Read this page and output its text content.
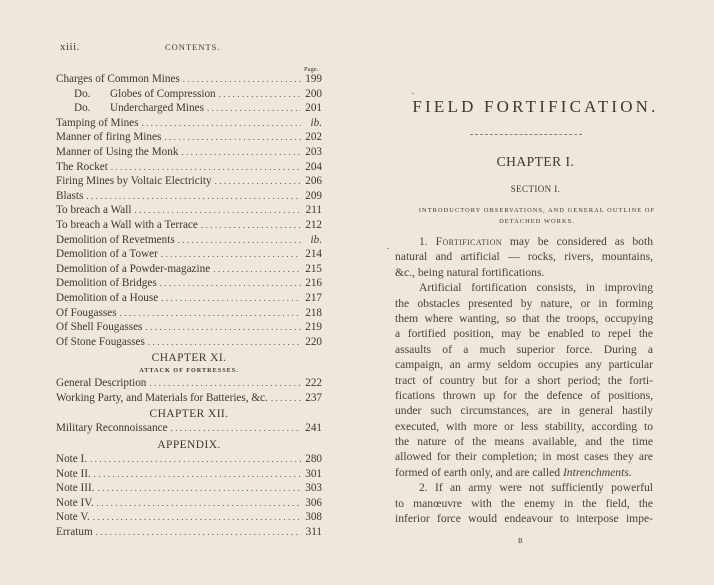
xiii.	CONTENTS.
Page.
Charges of Common Mines .....	199
Do. Globes of Compression .....	200
Do. Undercharged Mines .....	201
Tamping of Mines .....	ib.
Manner of firing Mines .....	202
Manner of Using the Monk .....	203
The Rocket .....	204
Firing Mines by Voltaic Electricity .....	206
Blasts .....	209
To breach a Wall .....	211
To breach a Wall with a Terrace .....	212
Demolition of Revetments .....	ib.
Demolition of a Tower .....	214
Demolition of a Powder-magazine .....	215
Demolition of Bridges .....	216
Demolition of a House .....	217
Of Fougasses .....	218
Of Shell Fougasses .....	219
Of Stone Fougasses .....	220
CHAPTER XI.
ATTACK OF FORTRESSES.
General Description .....	222
Working Party, and Materials for Batteries, &c. .....	237
CHAPTER XII.
Military Reconnoissance .....	241
APPENDIX.
Note I. .....	280
Note II. .....	301
Note III. .....	303
Note IV. .....	306
Note V. .....	308
Erratum .....	311
FIELD FORTIFICATION.
CHAPTER I.
SECTION I.
INTRODUCTORY OBSERVATIONS, AND GENERAL OUTLINE OF
DETACHED WORKS.
1. Fortification may be considered as both
natural and artificial — rocks, rivers, mountains,
&c., being natural fortifications.
Artificial fortification consists, in improving
the obstacles presented by nature, or in forming
them where wanting, so that the troops, occupying
a fortified position, may be enabled to repel the
assaults of a much superior force. During a
campaign, an army seldom occupies any particular
tract of country but for a short period; the forti-
fications thrown up for the defence of positions,
under such circumstances, are in general hastily
executed, with more or less stability, according to
the nature of the means available, and the time
allowed for their completion; in most cases they are
formed of earth only, and are called Intrenchments.
2. If an army were not sufficiently powerful
to manœuvre with the enemy in the field, the
inferior force would endeavour to interpose impe-
B
